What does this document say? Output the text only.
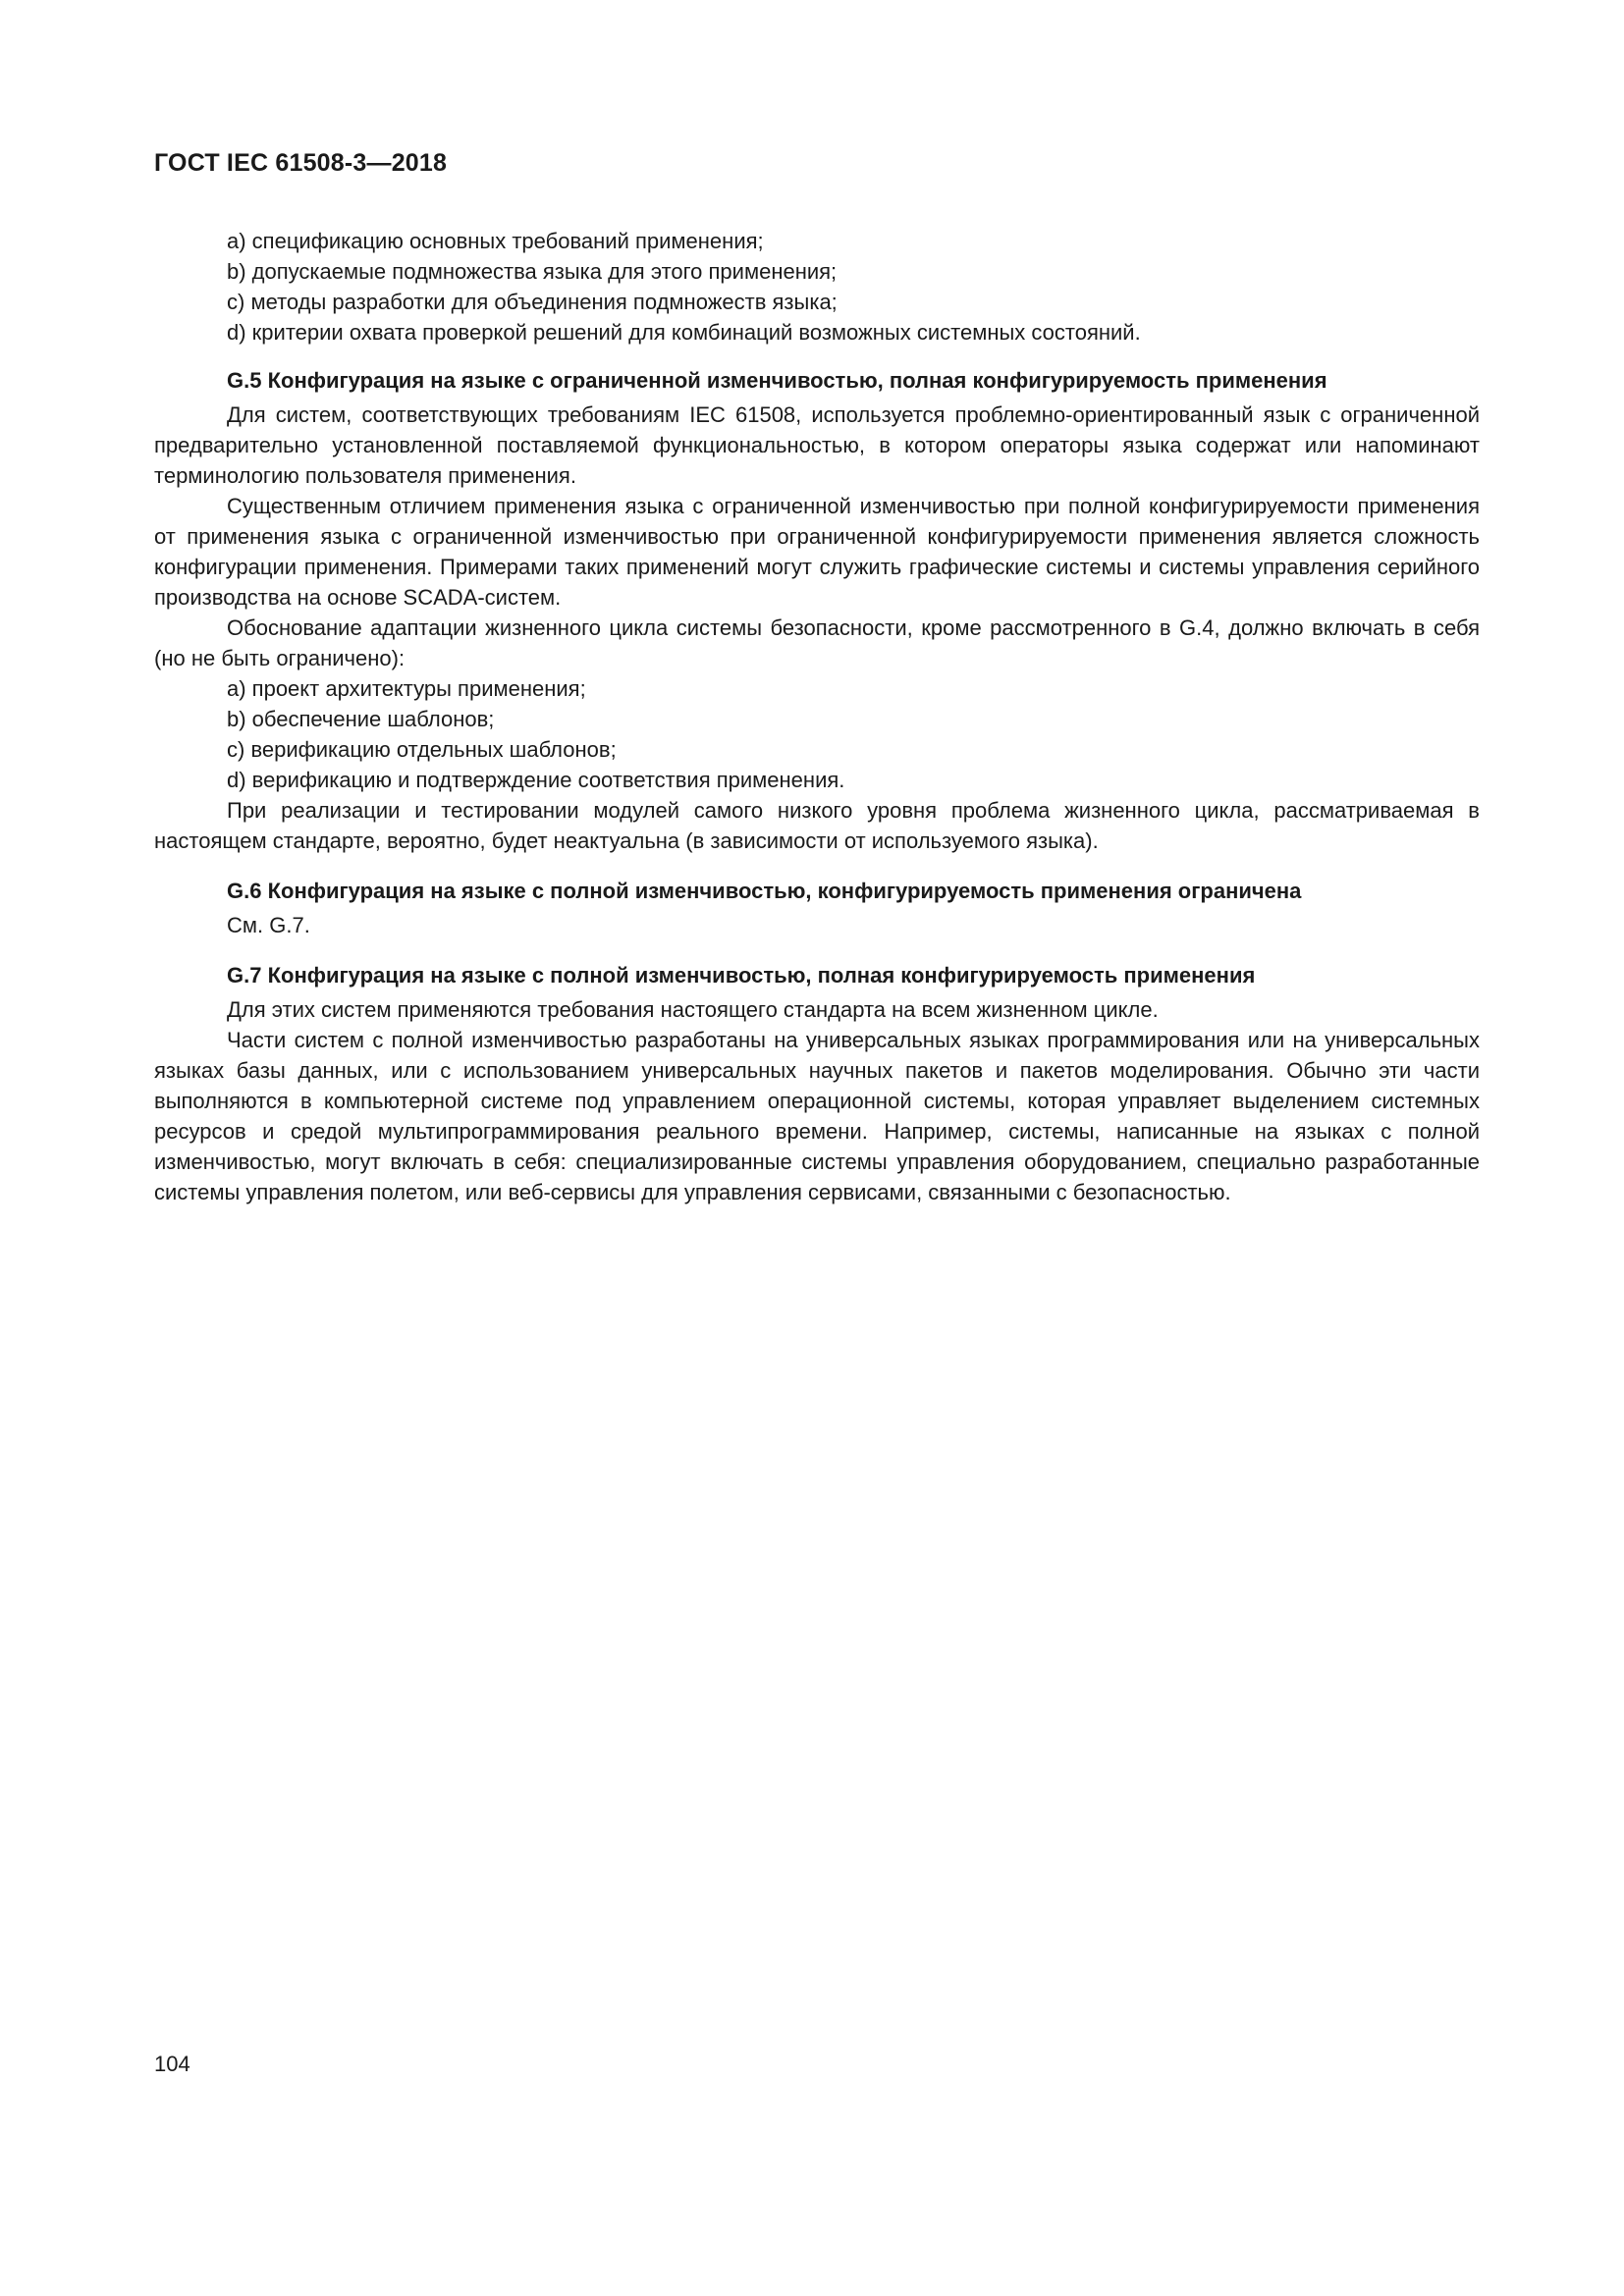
ГОСТ IEC 61508-3—2018

a) спецификацию основных требований применения;

b) допускаемые подмножества языка для этого применения;

c) методы разработки для объединения подмножеств языка;

d) критерии охвата проверкой решений для комбинаций возможных системных состояний.

G.5 Конфигурация на языке с ограниченной изменчивостью, полная конфигурируемость применения

Для систем, соответствующих требованиям IEC 61508, используется проблемно-ориентированный язык с ограниченной предварительно установленной поставляемой функциональностью, в котором операторы языка содержат или напоминают терминологию пользователя применения.

Существенным отличием применения языка с ограниченной изменчивостью при полной конфигурируемости применения от применения языка с ограниченной изменчивостью при ограниченной конфигурируемости применения является сложность конфигурации применения. Примерами таких применений могут служить графические системы и системы управления серийного производства на основе SCADA-систем.

Обоснование адаптации жизненного цикла системы безопасности, кроме рассмотренного в G.4, должно включать в себя (но не быть ограничено):

a) проект архитектуры применения;

b) обеспечение шаблонов;

c) верификацию отдельных шаблонов;

d) верификацию и подтверждение соответствия применения.

При реализации и тестировании модулей самого низкого уровня проблема жизненного цикла, рассматриваемая в настоящем стандарте, вероятно, будет неактуальна (в зависимости от используемого языка).

G.6 Конфигурация на языке с полной изменчивостью, конфигурируемость применения ограничена

См. G.7.

G.7 Конфигурация на языке с полной изменчивостью, полная конфигурируемость применения

Для этих систем применяются требования настоящего стандарта на всем жизненном цикле.

Части систем с полной изменчивостью разработаны на универсальных языках программирования или на универсальных языках базы данных, или с использованием универсальных научных пакетов и пакетов моделирования. Обычно эти части выполняются в компьютерной системе под управлением операционной системы, которая управляет выделением системных ресурсов и средой мультипрограммирования реального времени. Например, системы, написанные на языках с полной изменчивостью, могут включать в себя: специализированные системы управления оборудованием, специально разработанные системы управления полетом, или веб-сервисы для управления сервисами, связанными с безопасностью.

104
